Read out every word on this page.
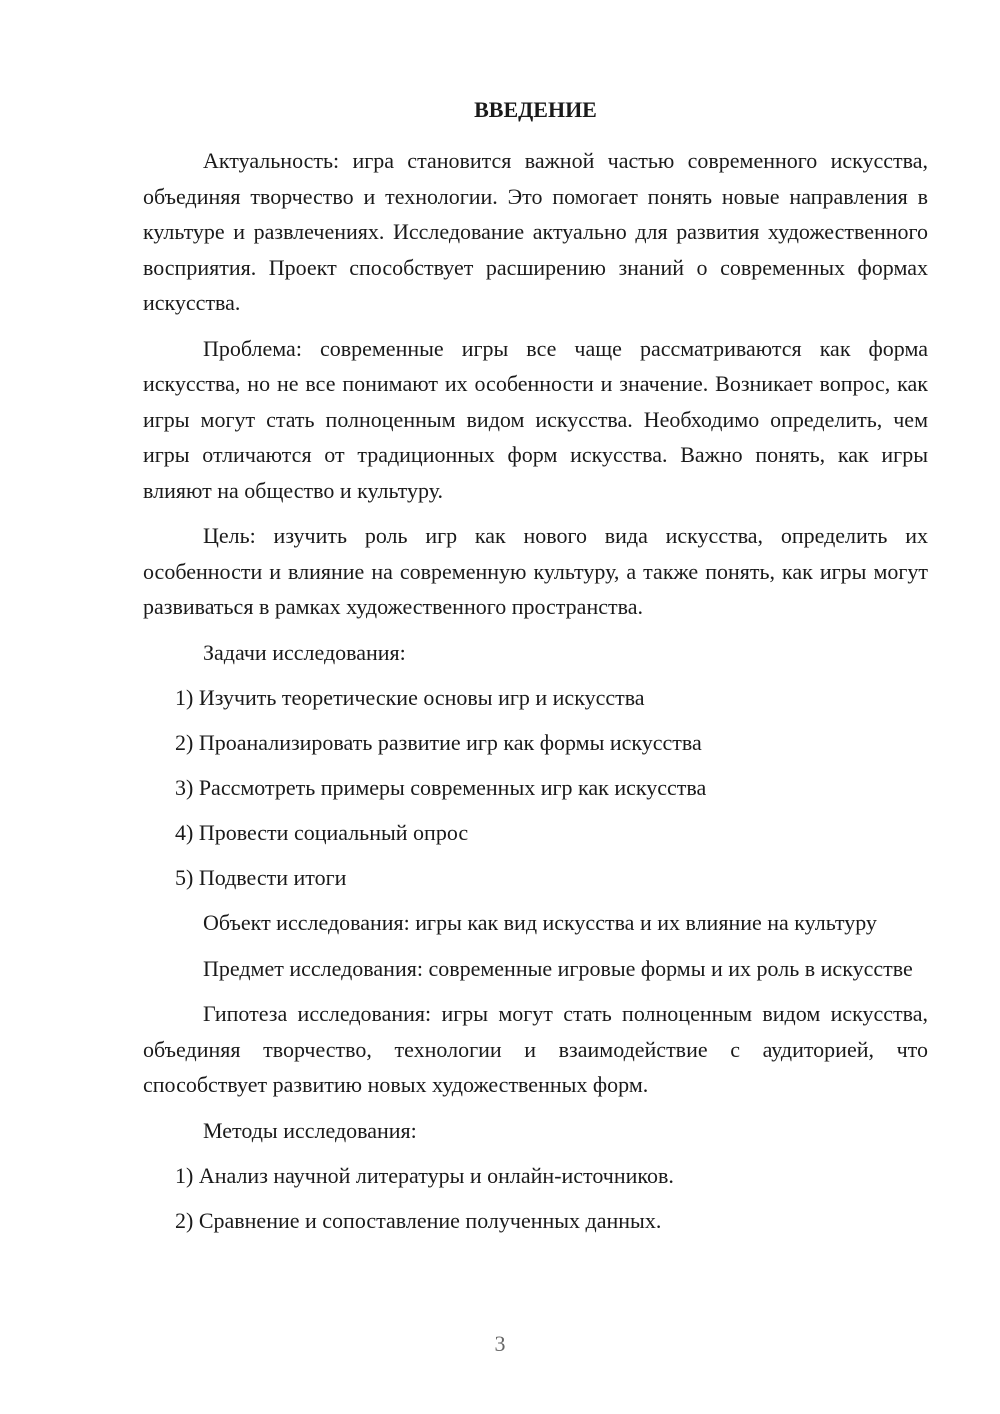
ВВЕДЕНИЕ

Актуальность: игра становится важной частью современного искусства, объединяя творчество и технологии. Это помогает понять новые направления в культуре и развлечениях. Исследование актуально для развития художественного восприятия. Проект способствует расширению знаний о современных формах искусства.

Проблема: современные игры все чаще рассматриваются как форма искусства, но не все понимают их особенности и значение. Возникает вопрос, как игры могут стать полноценным видом искусства. Необходимо определить, чем игры отличаются от традиционных форм искусства. Важно понять, как игры влияют на общество и культуру.

Цель: изучить роль игр как нового вида искусства, определить их особенности и влияние на современную культуру, а также понять, как игры могут развиваться в рамках художественного пространства.

Задачи исследования:

1) Изучить теоретические основы игр и искусства

2) Проанализировать развитие игр как формы искусства

3) Рассмотреть примеры современных игр как искусства

4) Провести социальный опрос

5) Подвести итоги

Объект исследования: игры как вид искусства и их влияние на культуру

Предмет исследования: современные игровые формы и их роль в искусстве

Гипотеза исследования: игры могут стать полноценным видом искусства, объединяя творчество, технологии и взаимодействие с аудиторией, что способствует развитию новых художественных форм.

Методы исследования:

1) Анализ научной литературы и онлайн-источников.

2) Сравнение и сопоставление полученных данных.

3
